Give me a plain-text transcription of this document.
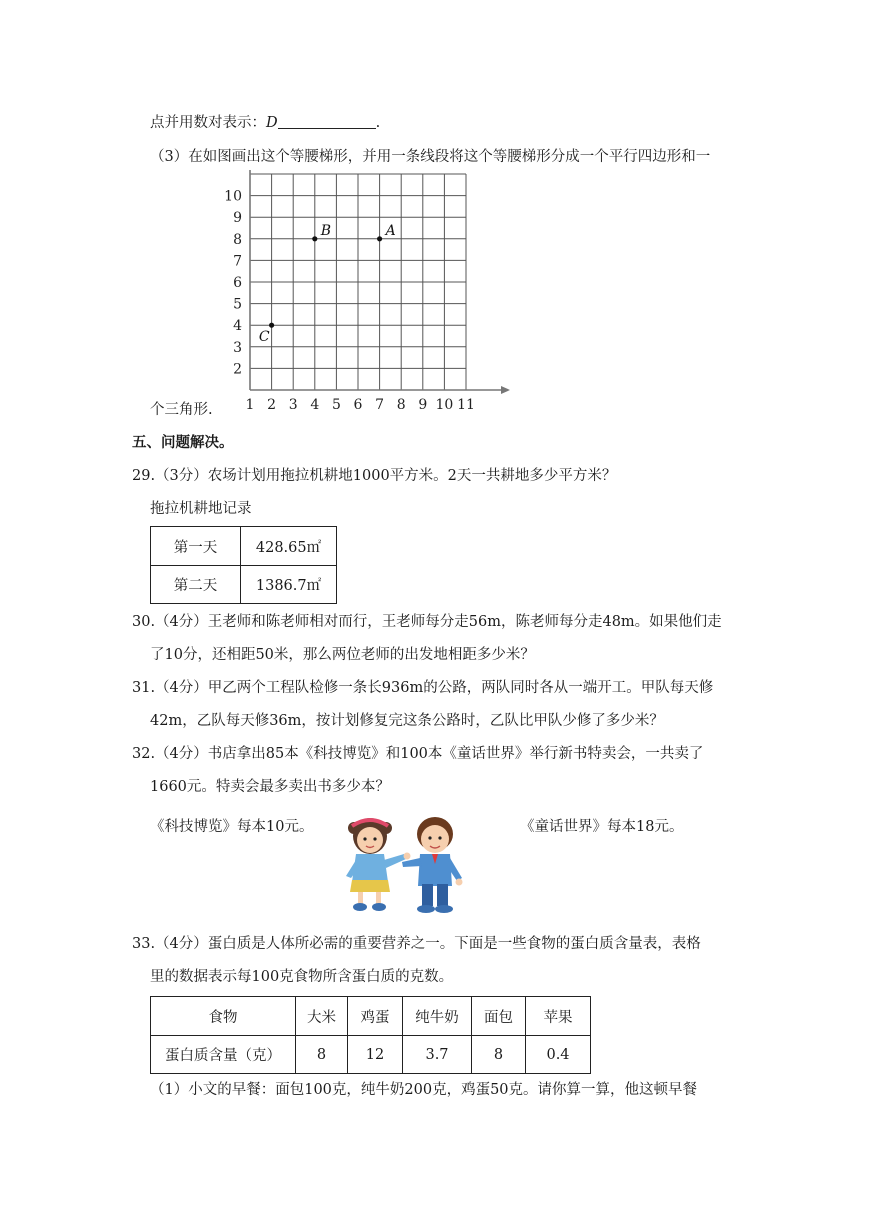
点并用数对表示：D	.
（3）在如图画出这个等腰梯形，并用一条线段将这个等腰梯形分成一个平行四边形和一
1 2 3 4 5 6 7 8 9 10 11
2
3
4
5
6
7
8
9
10
A
B
C
个三角形.
五、问题解决。
29.（3分）农场计划用拖拉机耕地1000平方米。2天一共耕地多少平方米？
拖拉机耕地记录
第一天	428.65㎡
第二天	1386.7㎡
30.（4分）王老师和陈老师相对而行，王老师每分走56m，陈老师每分走48m。如果他们走
了10分，还相距50米，那么两位老师的出发地相距多少米？
31.（4分）甲乙两个工程队检修一条长936m的公路，两队同时各从一端开工。甲队每天修
42m，乙队每天修36m，按计划修复完这条公路时，乙队比甲队少修了多少米？
32.（4分）书店拿出85本《科技博览》和100本《童话世界》举行新书特卖会，一共卖了
1660元。特卖会最多卖出书多少本？
《科技博览》每本10元。	《童话世界》每本18元。
33.（4分）蛋白质是人体所必需的重要营养之一。下面是一些食物的蛋白质含量表，表格
里的数据表示每100克食物所含蛋白质的克数。
食物	大米	鸡蛋	纯牛奶	面包	苹果
蛋白质含量（克）	8	12	3.7	8	0.4
（1）小文的早餐：面包100克，纯牛奶200克，鸡蛋50克。请你算一算，他这顿早餐
